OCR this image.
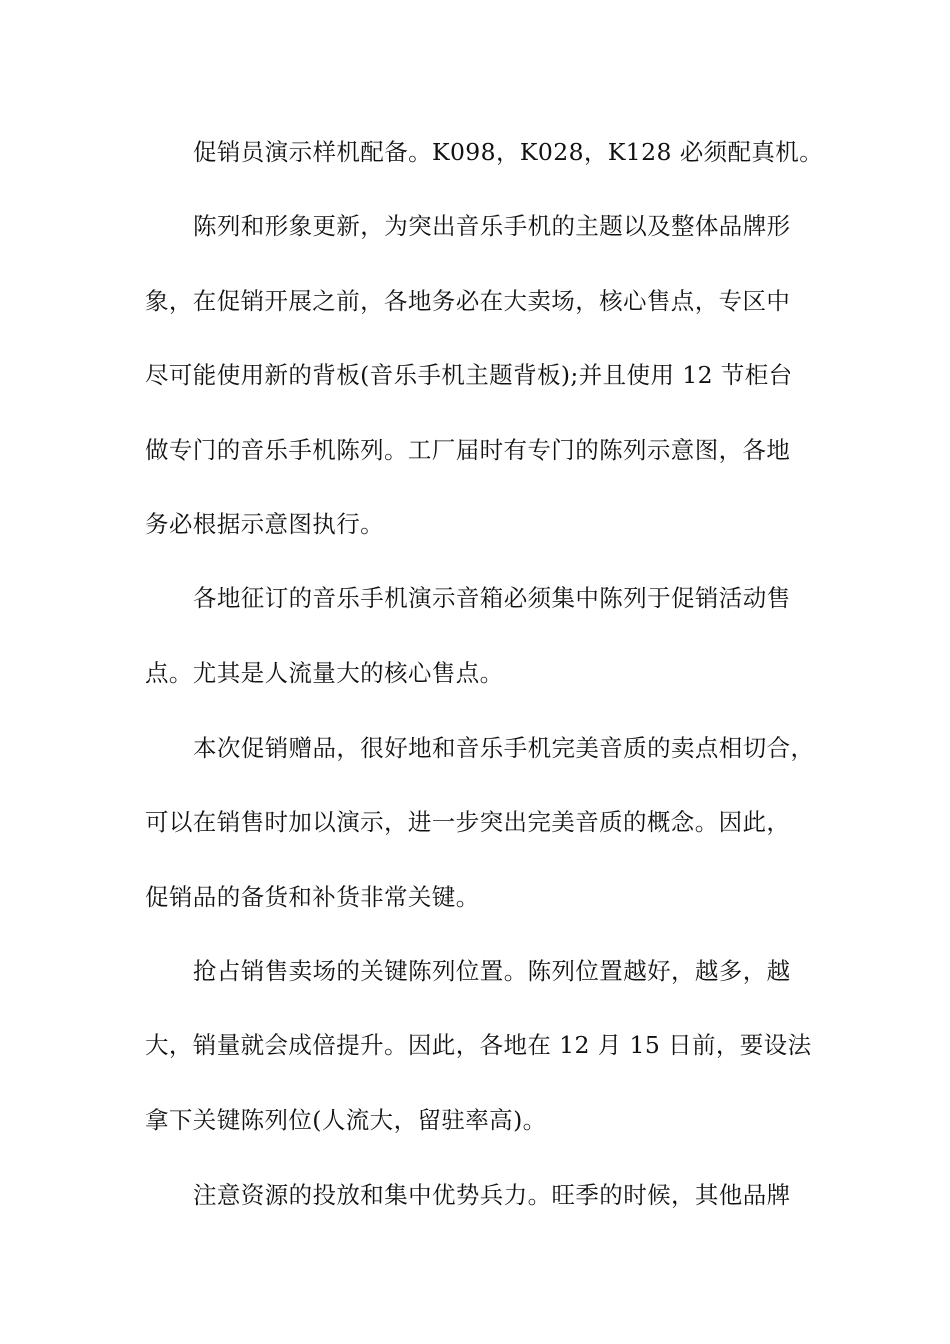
促销员演示样机配备。K098，K028，K128 必须配真机。
陈列和形象更新，为突出音乐手机的主题以及整体品牌形
象，在促销开展之前，各地务必在大卖场，核心售点，专区中
尽可能使用新的背板(音乐手机主题背板);并且使用 12 节柜台
做专门的音乐手机陈列。工厂届时有专门的陈列示意图，各地
务必根据示意图执行。
各地征订的音乐手机演示音箱必须集中陈列于促销活动售
点。尤其是人流量大的核心售点。
本次促销赠品，很好地和音乐手机完美音质的卖点相切合，
可以在销售时加以演示，进一步突出完美音质的概念。因此，
促销品的备货和补货非常关键。
抢占销售卖场的关键陈列位置。陈列位置越好，越多，越
大，销量就会成倍提升。因此，各地在 12 月 15 日前，要设法
拿下关键陈列位(人流大，留驻率高)。
注意资源的投放和集中优势兵力。旺季的时候，其他品牌
